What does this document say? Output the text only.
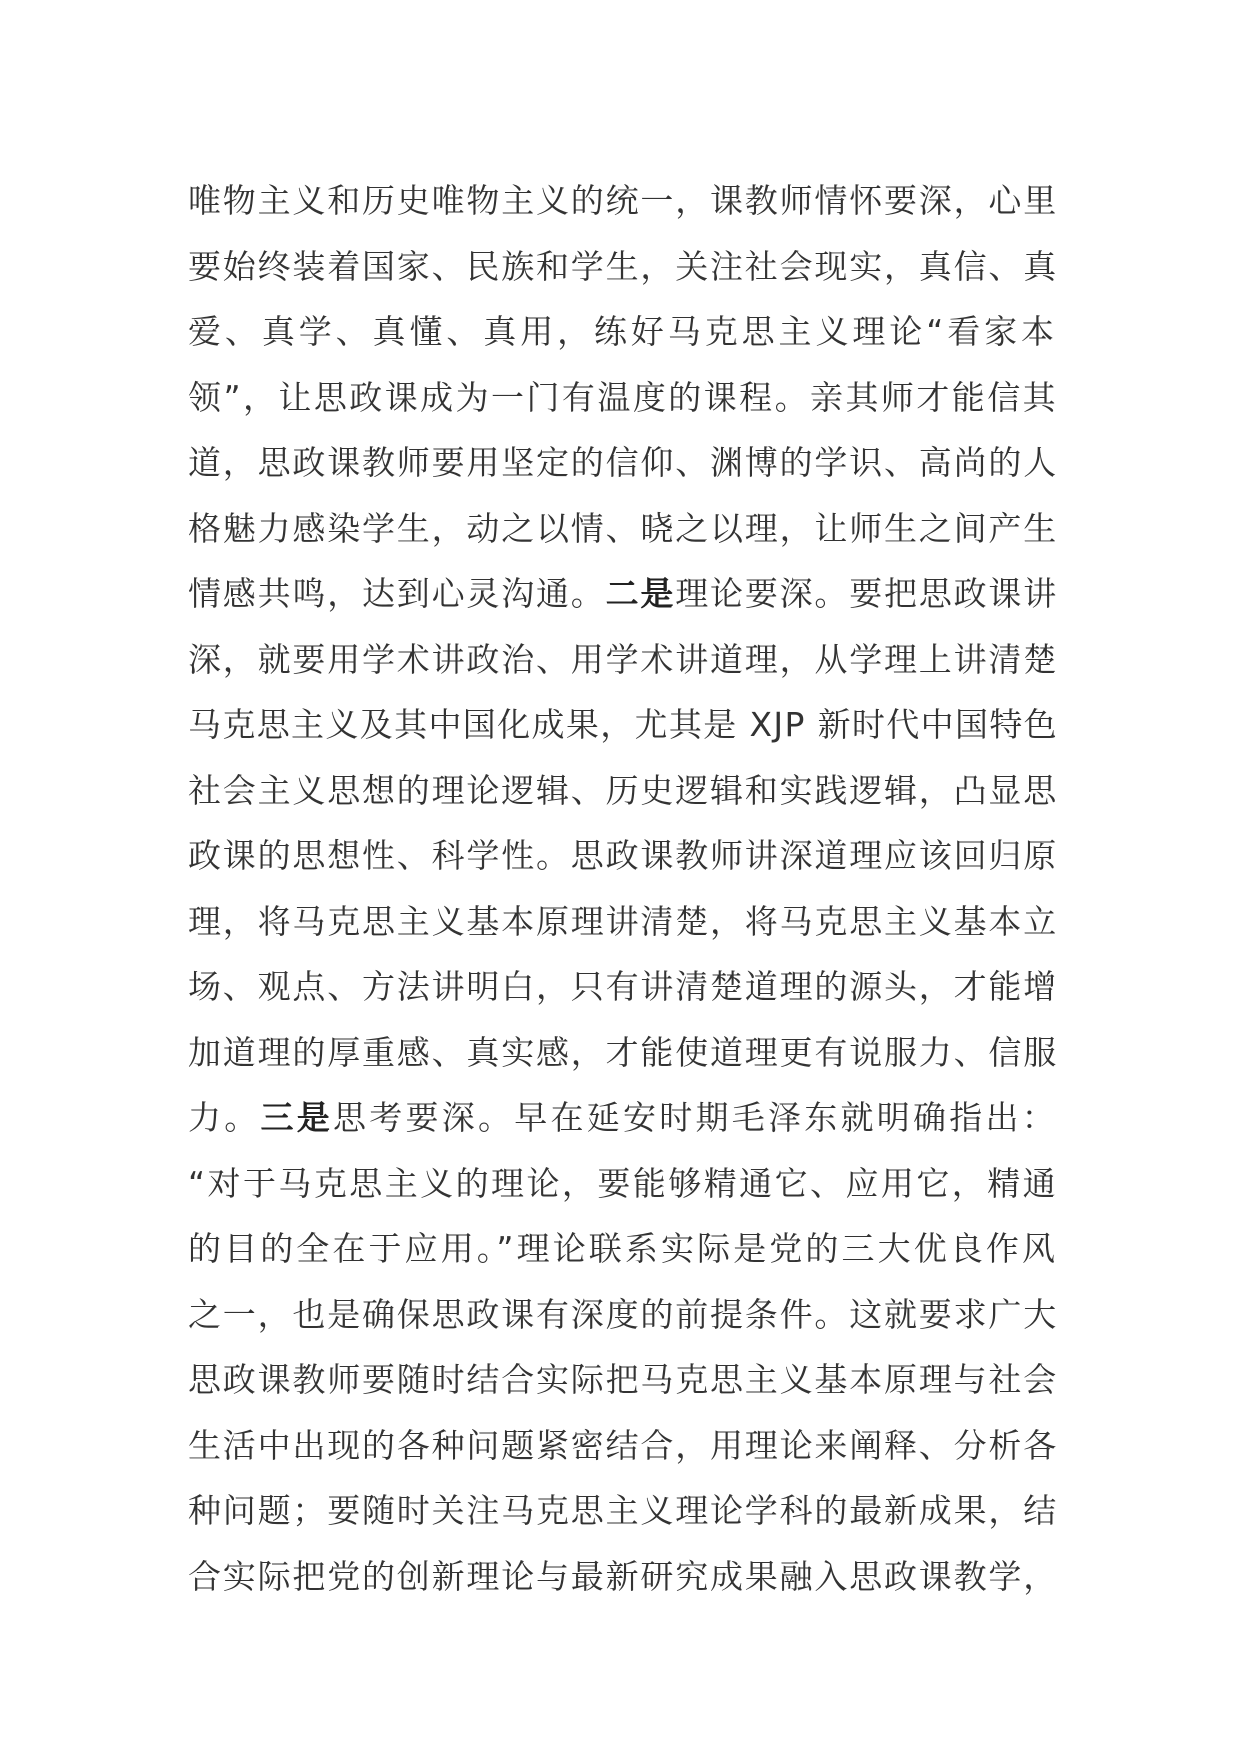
唯物主义和历史唯物主义的统一，课教师情怀要深，心里
要始终装着国家、民族和学生，关注社会现实，真信、真
爱、真学、真懂、真用，练好马克思主义理论“看家本
领”，让思政课成为一门有温度的课程。亲其师才能信其
道，思政课教师要用坚定的信仰、渊博的学识、高尚的人
格魅力感染学生，动之以情、晓之以理，让师生之间产生
情感共鸣，达到心灵沟通。二是理论要深。要把思政课讲
深，就要用学术讲政治、用学术讲道理，从学理上讲清楚
马克思主义及其中国化成果，尤其是 XJP 新时代中国特色
社会主义思想的理论逻辑、历史逻辑和实践逻辑，凸显思
政课的思想性、科学性。思政课教师讲深道理应该回归原
理，将马克思主义基本原理讲清楚，将马克思主义基本立
场、观点、方法讲明白，只有讲清楚道理的源头，才能增
加道理的厚重感、真实感，才能使道理更有说服力、信服
力。三是思考要深。早在延安时期毛泽东就明确指出：
“对于马克思主义的理论，要能够精通它、应用它，精通
的目的全在于应用。”理论联系实际是党的三大优良作风
之一，也是确保思政课有深度的前提条件。这就要求广大
思政课教师要随时结合实际把马克思主义基本原理与社会
生活中出现的各种问题紧密结合，用理论来阐释、分析各
种问题；要随时关注马克思主义理论学科的最新成果，结
合实际把党的创新理论与最新研究成果融入思政课教学，
